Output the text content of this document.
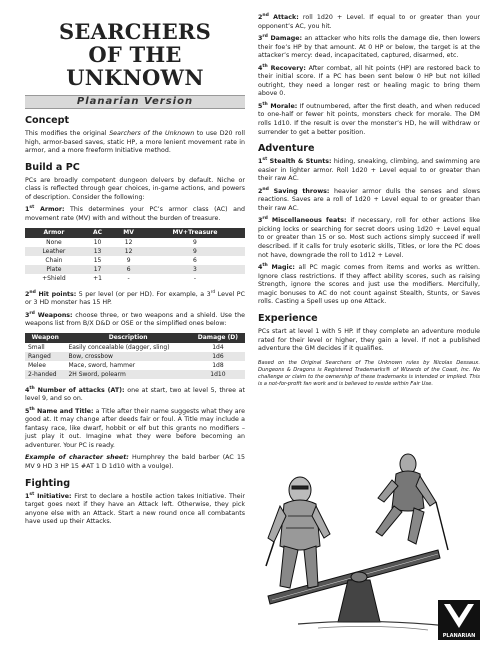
SEARCHERS
OF THE UNKNOWN
Planarian Version
Concept

This modifies the original Searchers of the Unknown to use D20 roll high, armor-based saves, static HP, a more lenient movement rate in armor, and a more freeform Initiative method.

Build a PC

PCs are broadly competent dungeon delvers by default. Niche or class is reflected through gear choices, in-game actions, and powers of description. Consider the following:

1st Armor: This determines your PC’s armor class (AC) and movement rate (MV) with and without the burden of treasure.

Armor	AC	MV	MV+Treasure
None	10	12	9
Leather	13	12	9
Chain	15	9	6
Plate	17	6	3
+Shield	+1	-	-

2nd Hit points: 5 per level (or per HD). For example, a 3rd Level PC or 3 HD monster has 15 HP.

3rd Weapons: choose three, or two weapons and a shield. Use the weapons list from B/X D&D or OSE or the simplified ones below:

Weapon	Description	Damage (D)
Small	Easily concealable (dagger, sling)	1d4
Ranged	Bow, crossbow	1d6
Melee	Mace, sword, hammer	1d8
2-handed	2H Sword, polearm	1d10

4th Number of attacks (AT): one at start, two at level 5, three at level 9, and so on.

5th Name and Title: a Title after their name suggests what they are good at. It may change after deeds fair or foul. A Title may include a fantasy race, like dwarf, hobbit or elf but this grants no modifiers – just play it out. Imagine what they were before becoming an adventurer. Your PC is ready.

Example of character sheet: Humphrey the bald barber (AC 15 MV 9 HD 3 HP 15 #AT 1 D 1d10 with a voulge).

Fighting

1st Initiative: First to declare a hostile action takes Initiative. Their target goes next if they have an Attack left. Otherwise, they pick anyone else with an Attack. Start a new round once all combatants have used up their Attacks.

2nd Attack: roll 1d20 + Level. If equal to or greater than your opponent’s AC, you hit.

3rd Damage: an attacker who hits rolls the damage die, then lowers their foe’s HP by that amount. At 0 HP or below, the target is at the attacker’s mercy: dead, incapacitated, captured, disarmed, etc.

4th Recovery: After combat, all hit points (HP) are restored back to their initial score. If a PC has been sent below 0 HP but not killed outright, they need a longer rest or healing magic to bring them above 0.

5th Morale: If outnumbered, after the first death, and when reduced to one-half or fewer hit points, monsters check for morale. The DM rolls 1d10. If the result is over the monster’s HD, he will withdraw or surrender to get a better position.

Adventure

1st Stealth & Stunts: hiding, sneaking, climbing, and swimming are easier in lighter armor. Roll 1d20 + Level equal to or greater than their raw AC.

2nd Saving throws: heavier armor dulls the senses and slows reactions. Saves are a roll of 1d20 + Level equal to or greater than their raw AC.

3rd Miscellaneous feats: if necessary, roll for other actions like picking locks or searching for secret doors using 1d20 + Level equal to or greater than 15 or so. Most such actions simply succeed if well described. If it calls for truly esoteric skills, Titles, or lore the PC does not have, downgrade the roll to 1d12 + Level.

4th Magic: all PC magic comes from items and works as written. Ignore class restrictions. If they affect ability scores, such as raising Strength, ignore the scores and just use the modifiers. Mercifully, magic bonuses to AC do not count against Stealth, Stunts, or Saves rolls. Casting a Spell uses up one Attack.

Experience

PCs start at level 1 with 5 HP. If they complete an adventure module rated for their level or higher, they gain a level. If not a published adventure the GM decides if it qualifies.

Based on the Original Searchers of The Unknown rules by Nicolas Dessaux. Dungeons & Dragons is Registered Trademarks® of Wizards of the Coast, Inc. No challenge or claim to the ownership of these trademarks is intended or implied. This is a not-for-profit fan work and is believed to reside within Fair Use.
PLANARIAN
